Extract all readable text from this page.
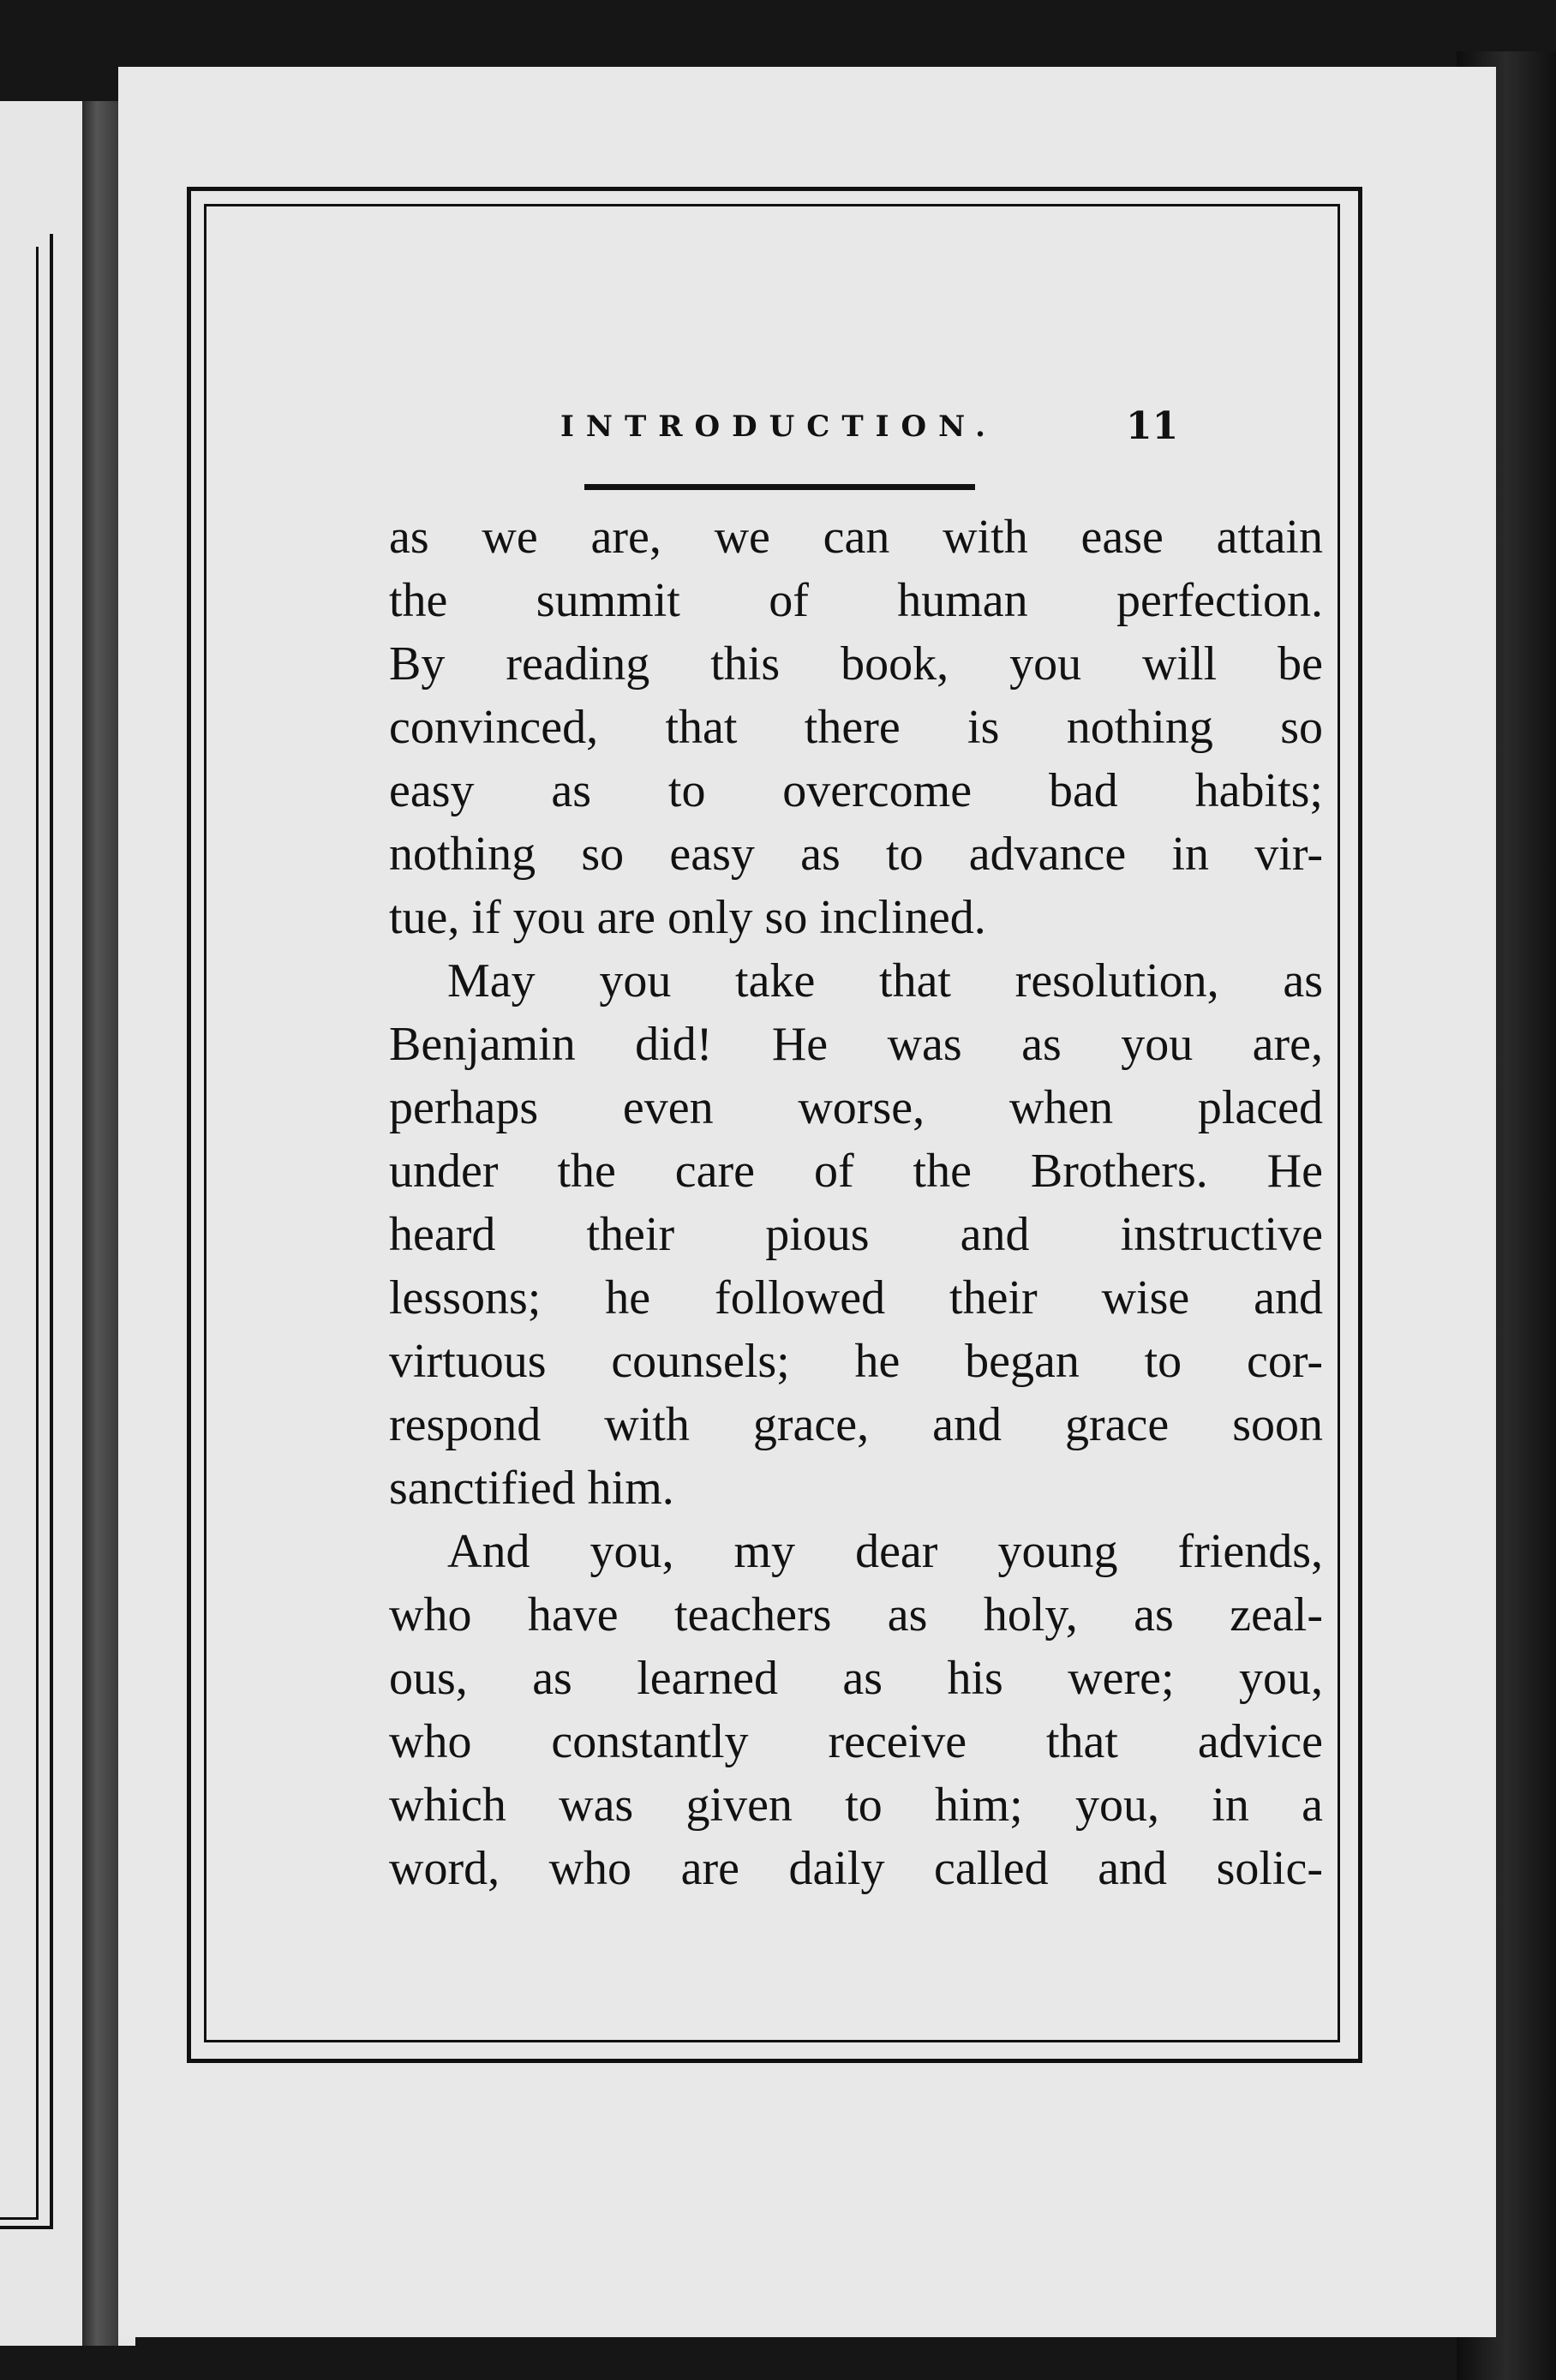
INTRODUCTION.	11
as we are, we can with ease attain
the summit of human perfection.
By reading this book, you will be
convinced, that there is nothing so
easy as to overcome bad habits;
nothing so easy as to advance in vir-
tue, if you are only so inclined.
May you take that resolution, as
Benjamin did! He was as you are,
perhaps even worse, when placed
under the care of the Brothers. He
heard their pious and instructive
lessons; he followed their wise and
virtuous counsels; he began to cor-
respond with grace, and grace soon
sanctified him.
And you, my dear young friends,
who have teachers as holy, as zeal-
ous, as learned as his were; you,
who constantly receive that advice
which was given to him; you, in a
word, who are daily called and solic-
